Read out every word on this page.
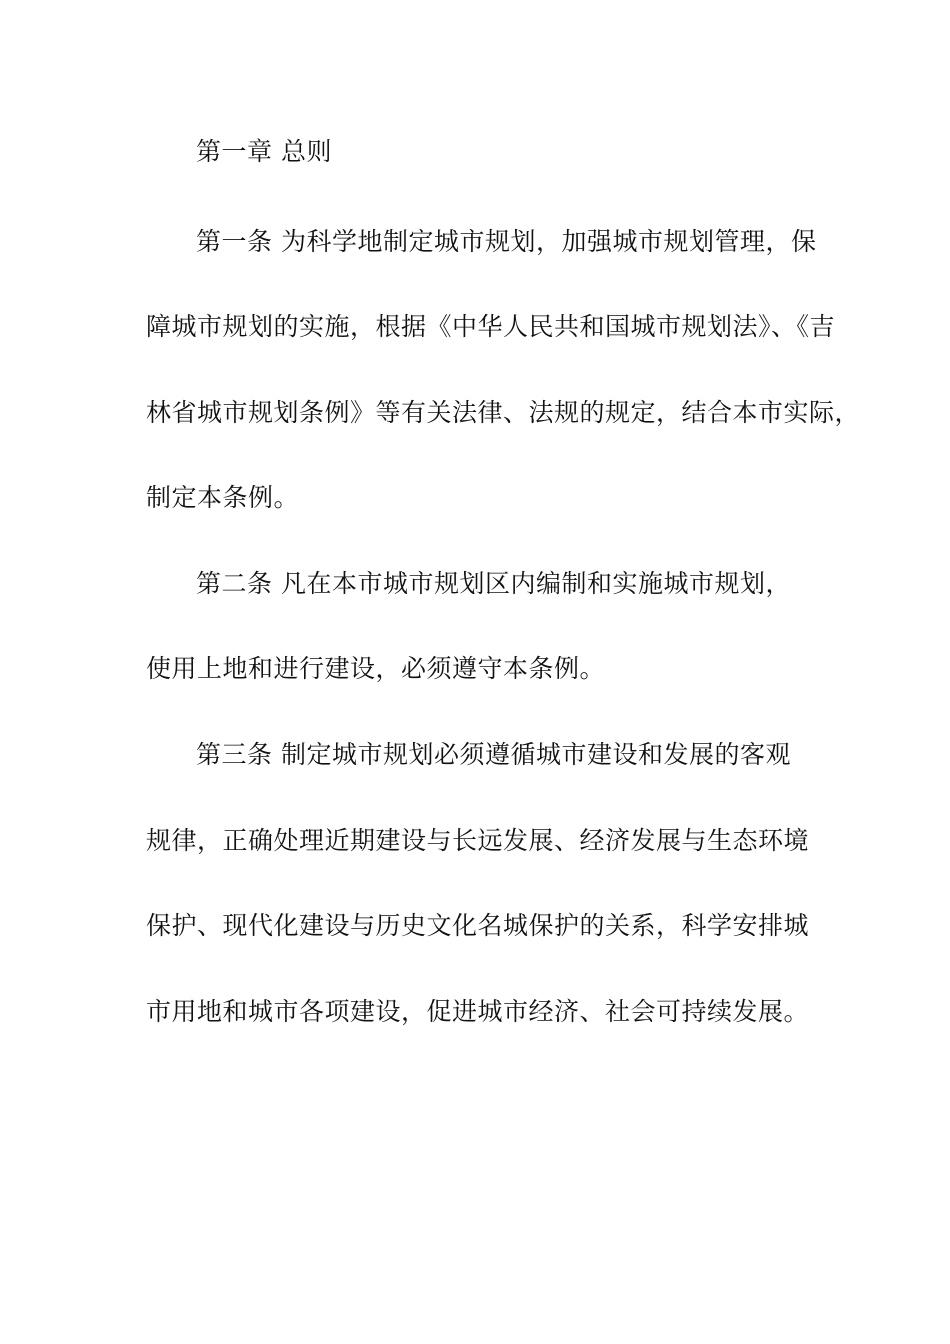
第一章 总则
第一条 为科学地制定城市规划，加强城市规划管理，保
障城市规划的实施，根据《中华人民共和国城市规划法》、《吉
林省城市规划条例》等有关法律、法规的规定，结合本市实际，
制定本条例。
第二条 凡在本市城市规划区内编制和实施城市规划，
使用上地和进行建设，必须遵守本条例。
第三条 制定城市规划必须遵循城市建设和发展的客观
规律，正确处理近期建设与长远发展、经济发展与生态环境
保护、现代化建设与历史文化名城保护的关系，科学安排城
市用地和城市各项建设，促进城市经济、社会可持续发展。
